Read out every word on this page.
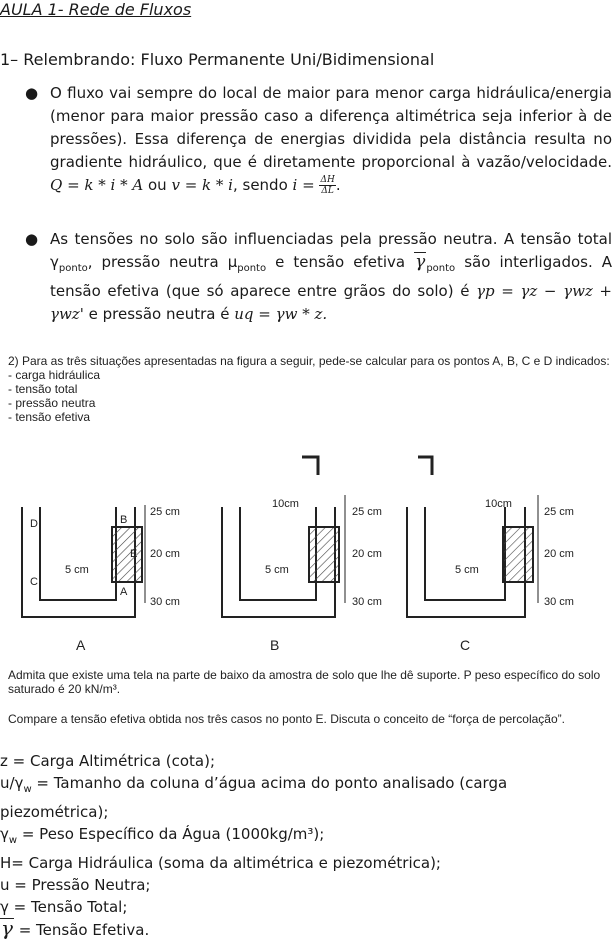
AULA 1- Rede de Fluxos
1– Relembrando: Fluxo Permanente Uni/Bidimensional
● O fluxo vai sempre do local de maior para menor carga hidráulica/energia (menor para maior pressão caso a diferença altimétrica seja inferior à de pressões). Essa diferença de energias dividida pela distância resulta no gradiente hidráulico, que é diretamente proporcional à vazão/velocidade. Q = k * i * A ou v = k * i, sendo $i = \frac{\Delta H}{\Delta L}$ .
● As tensões no solo são influenciadas pela pressão neutra. A tensão total $\gamma_{ponto}$, pressão neutra $\mu_{ponto}$ e tensão efetiva $\gamma_{ponto}$ são interligados. A tensão efetiva (que só aparece entre grãos do solo) é γp = γz − γwz + γwz' e pressão neutra é uq = γw * z.
2) Para as três situações apresentadas na figura a seguir, pede-se calcular para os pontos A, B, C e D indicados:
- carga hidráulica
- tensão total
- pressão neutra
- tensão efetiva
D	B
E
C
A
5 cm
25 cm
20 cm
30 cm
5 cm
10cm
25 cm
20 cm
30 cm
5 cm
10cm
25 cm
20 cm
30 cm
A	B	C
Admita que existe uma tela na parte de baixo da amostra de solo que lhe dê suporte. P peso específico do solo saturado é 20 kN/m³.
Compare a tensão efetiva obtida nos três casos no ponto E. Discuta o conceito de “força de percolação”.
z = Carga Altimétrica (cota);
$u/\gamma_w$ = Tamanho da coluna d’água acima do ponto analisado (carga
piezométrica);
$\gamma_w$ = Peso Específico da Água (1000kg/m³);
H= Carga Hidráulica (soma da altimétrica e piezométrica);
u = Pressão Neutra;
γ = Tensão Total;
γ = Tensão Efetiva.
